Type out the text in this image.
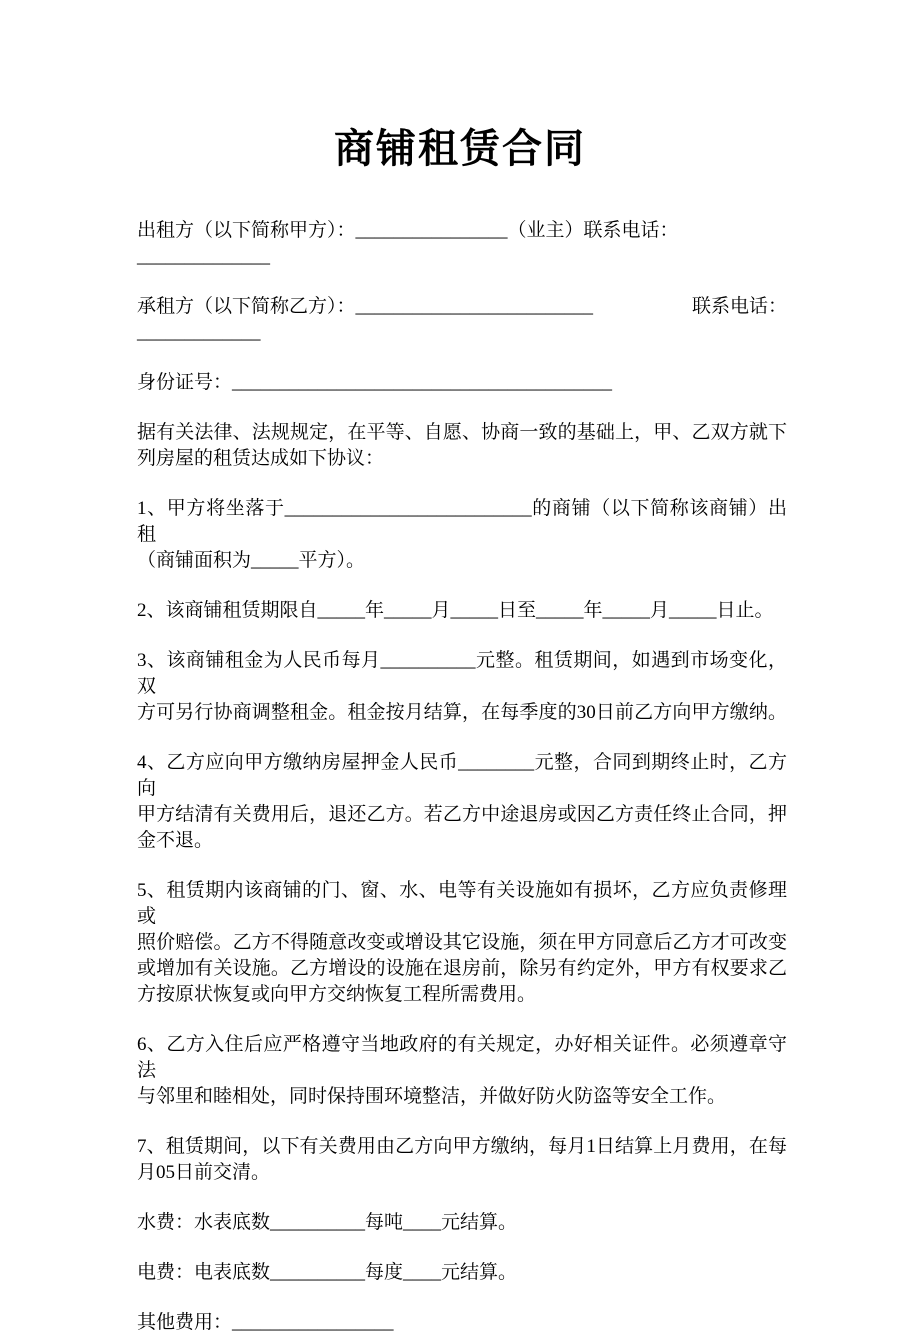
商铺租赁合同
出租方（以下简称甲方）：________________（业主）联系电话：
______________
承租方（以下简称乙方）：_________________________	联系电话：
_____________
身份证号：________________________________________
据有关法律、法规规定，在平等、自愿、协商一致的基础上，甲、乙双方就下
列房屋的租赁达成如下协议：
1、甲方将坐落于__________________________的商铺（以下简称该商铺）出租
（商铺面积为_____平方）。
2、该商铺租赁期限自_____年_____月_____日至_____年_____月_____日止。
3、该商铺租金为人民币每月__________元整。租赁期间，如遇到市场变化，双
方可另行协商调整租金。租金按月结算，在每季度的30日前乙方向甲方缴纳。
4、乙方应向甲方缴纳房屋押金人民币________元整，合同到期终止时，乙方向
甲方结清有关费用后，退还乙方。若乙方中途退房或因乙方责任终止合同，押
金不退。
5、租赁期内该商铺的门、窗、水、电等有关设施如有损坏，乙方应负责修理或
照价赔偿。乙方不得随意改变或增设其它设施，须在甲方同意后乙方才可改变
或增加有关设施。乙方增设的设施在退房前，除另有约定外，甲方有权要求乙
方按原状恢复或向甲方交纳恢复工程所需费用。
6、乙方入住后应严格遵守当地政府的有关规定，办好相关证件。必须遵章守法
与邻里和睦相处，同时保持围环境整洁，并做好防火防盗等安全工作。
7、租赁期间，以下有关费用由乙方向甲方缴纳，每月1日结算上月费用，在每
月05日前交清。
水费：水表底数__________每吨____元结算。
电费：电表底数__________每度____元结算。
其他费用：_________________
